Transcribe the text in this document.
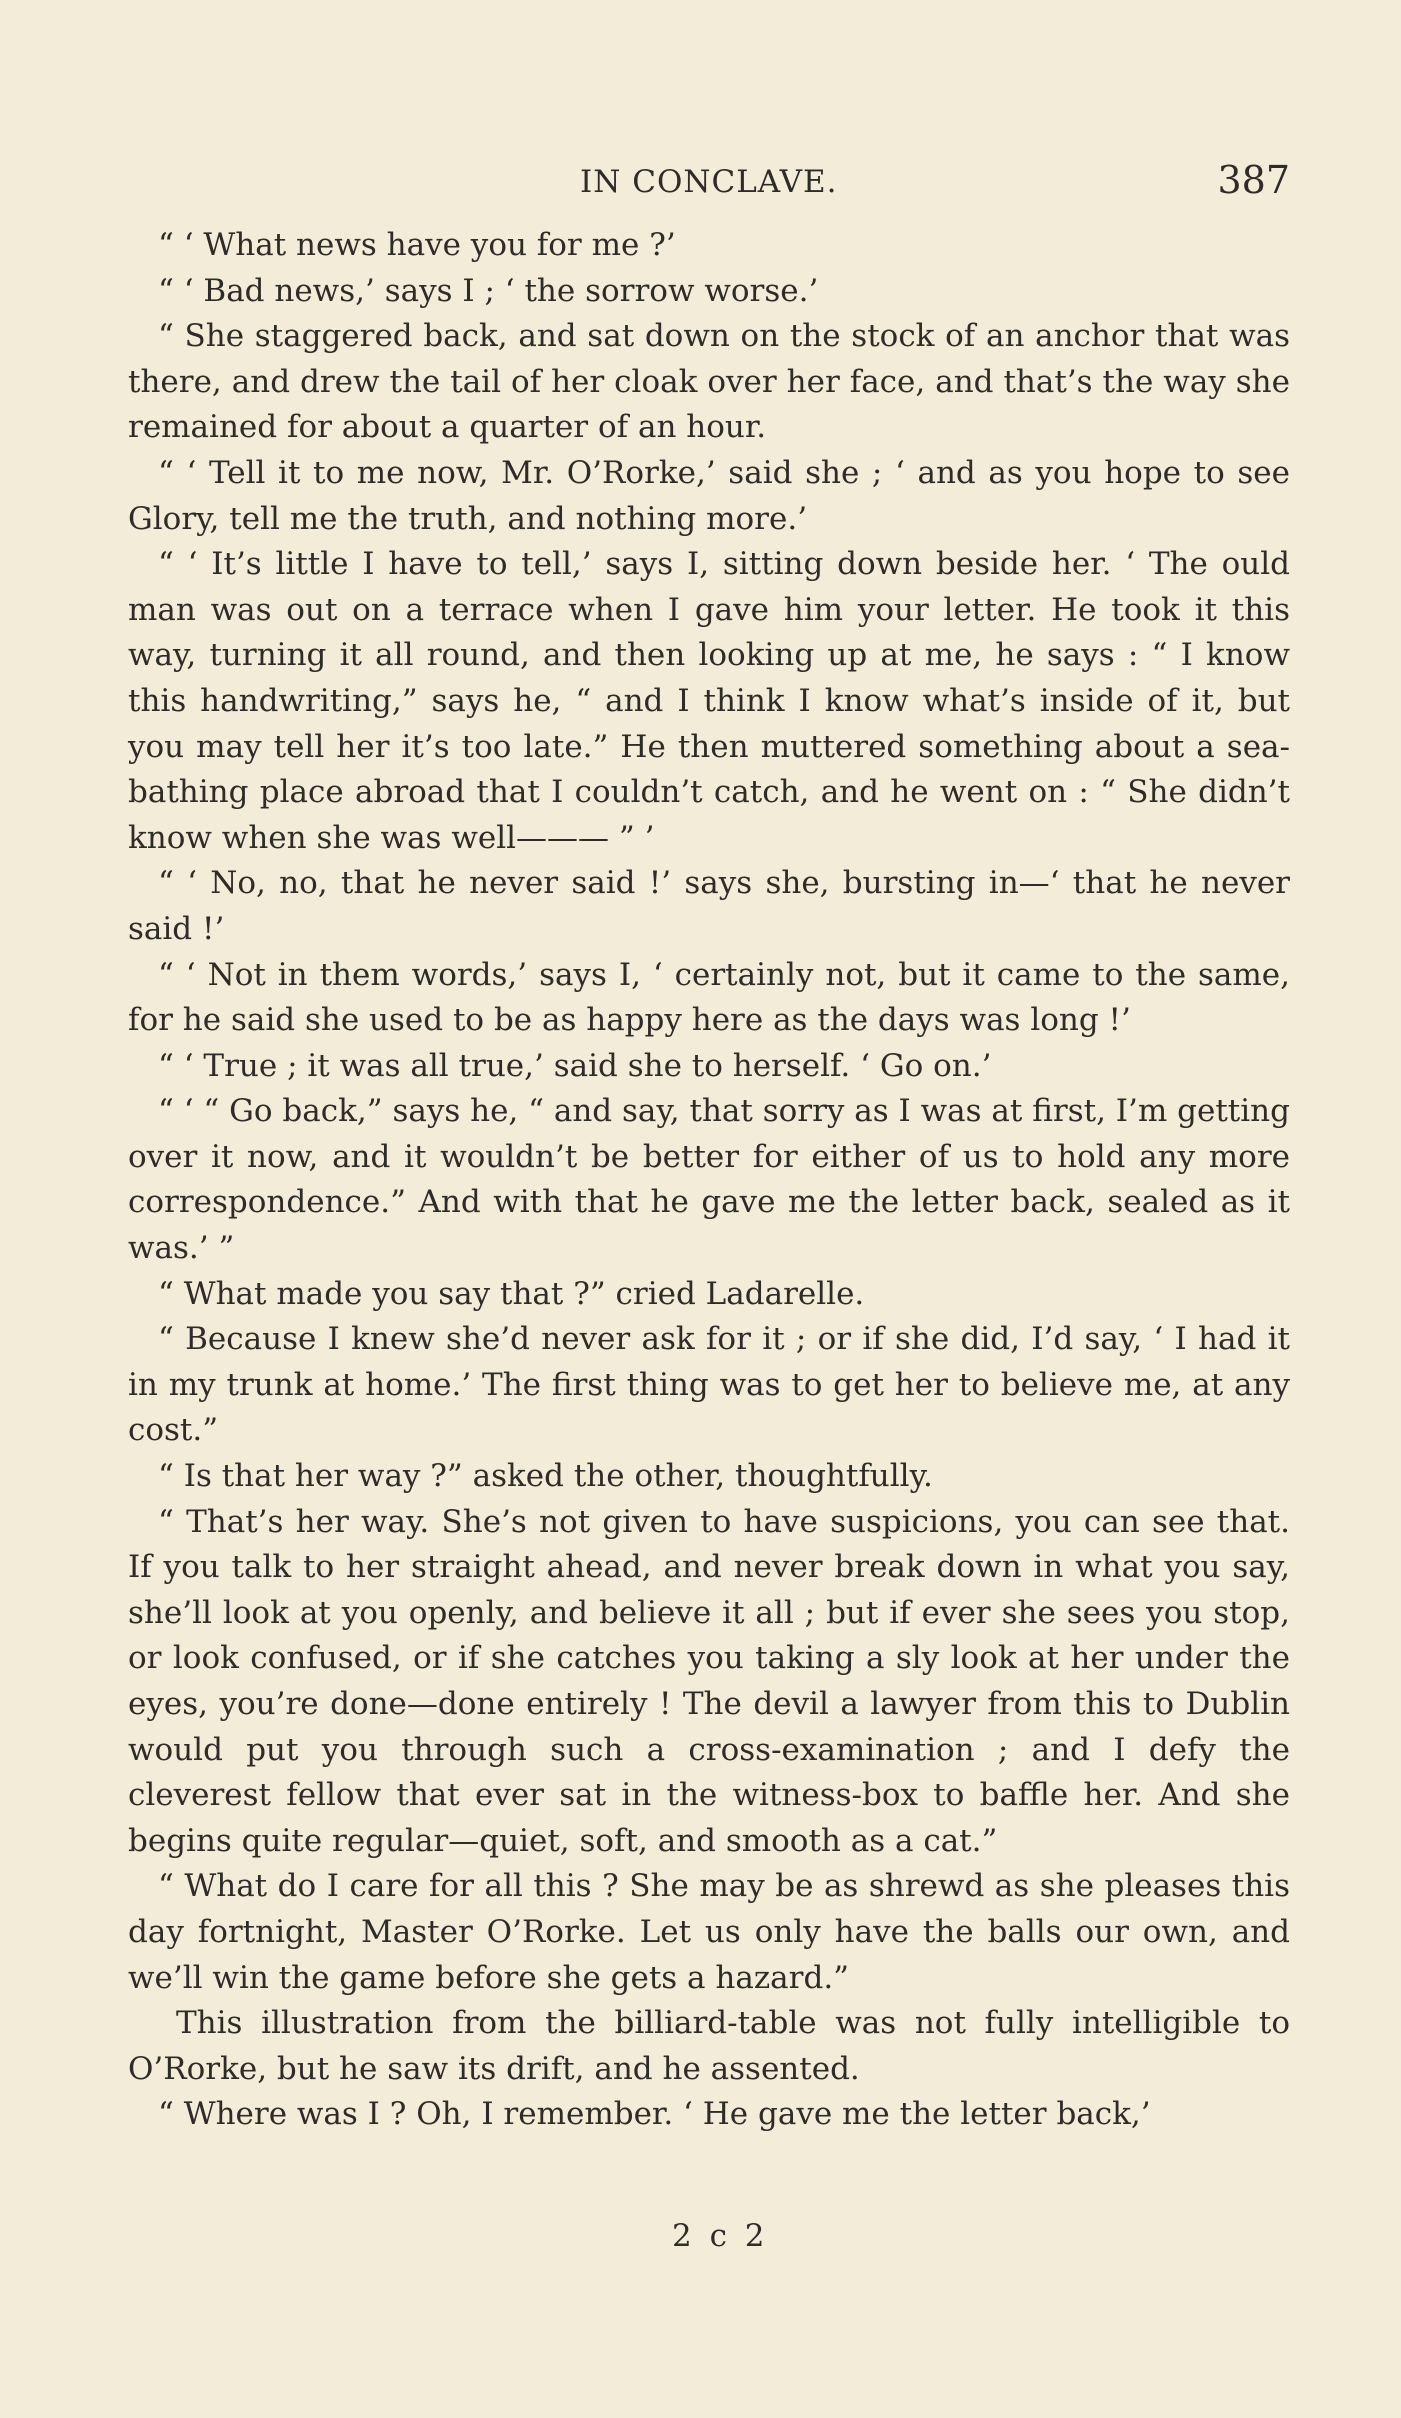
IN CONCLAVE.	387

“ ‘ What news have you for me ?’

“ ‘ Bad news,’ says I ; ‘ the sorrow worse.’

“ She staggered back, and sat down on the stock of an anchor that was there, and drew the tail of her cloak over her face, and that’s the way she remained for about a quarter of an hour.

“ ‘ Tell it to me now, Mr. O’Rorke,’ said she ; ‘ and as you hope to see Glory, tell me the truth, and nothing more.’

“ ‘ It’s little I have to tell,’ says I, sitting down beside her. ‘ The ould man was out on a terrace when I gave him your letter. He took it this way, turning it all round, and then looking up at me, he says : “ I know this handwriting,” says he, “ and I think I know what’s inside of it, but you may tell her it’s too late.” He then muttered something about a sea-bathing place abroad that I couldn’t catch, and he went on : “ She didn’t know when she was well——— ” ’

“ ‘ No, no, that he never said !’ says she, bursting in—‘ that he never said !’

“ ‘ Not in them words,’ says I, ‘ certainly not, but it came to the same, for he said she used to be as happy here as the days was long !’

“ ‘ True ; it was all true,’ said she to herself. ‘ Go on.’

“ ‘ “ Go back,” says he, “ and say, that sorry as I was at first, I’m getting over it now, and it wouldn’t be better for either of us to hold any more correspondence.” And with that he gave me the letter back, sealed as it was.’ ”

“ What made you say that ?” cried Ladarelle.

“ Because I knew she’d never ask for it ; or if she did, I’d say, ‘ I had it in my trunk at home.’ The first thing was to get her to believe me, at any cost.”

“ Is that her way ?” asked the other, thoughtfully.

“ That’s her way. She’s not given to have suspicions, you can see that. If you talk to her straight ahead, and never break down in what you say, she’ll look at you openly, and believe it all ; but if ever she sees you stop, or look confused, or if she catches you taking a sly look at her under the eyes, you’re done—done entirely ! The devil a lawyer from this to Dublin would put you through such a cross-examination ; and I defy the cleverest fellow that ever sat in the witness-box to baffle her. And she begins quite regular—quiet, soft, and smooth as a cat.”

“ What do I care for all this ? She may be as shrewd as she pleases this day fortnight, Master O’Rorke. Let us only have the balls our own, and we’ll win the game before she gets a hazard.”

This illustration from the billiard-table was not fully intelligible to O’Rorke, but he saw its drift, and he assented.

“ Where was I ? Oh, I remember. ‘ He gave me the letter back,’

2 c 2
